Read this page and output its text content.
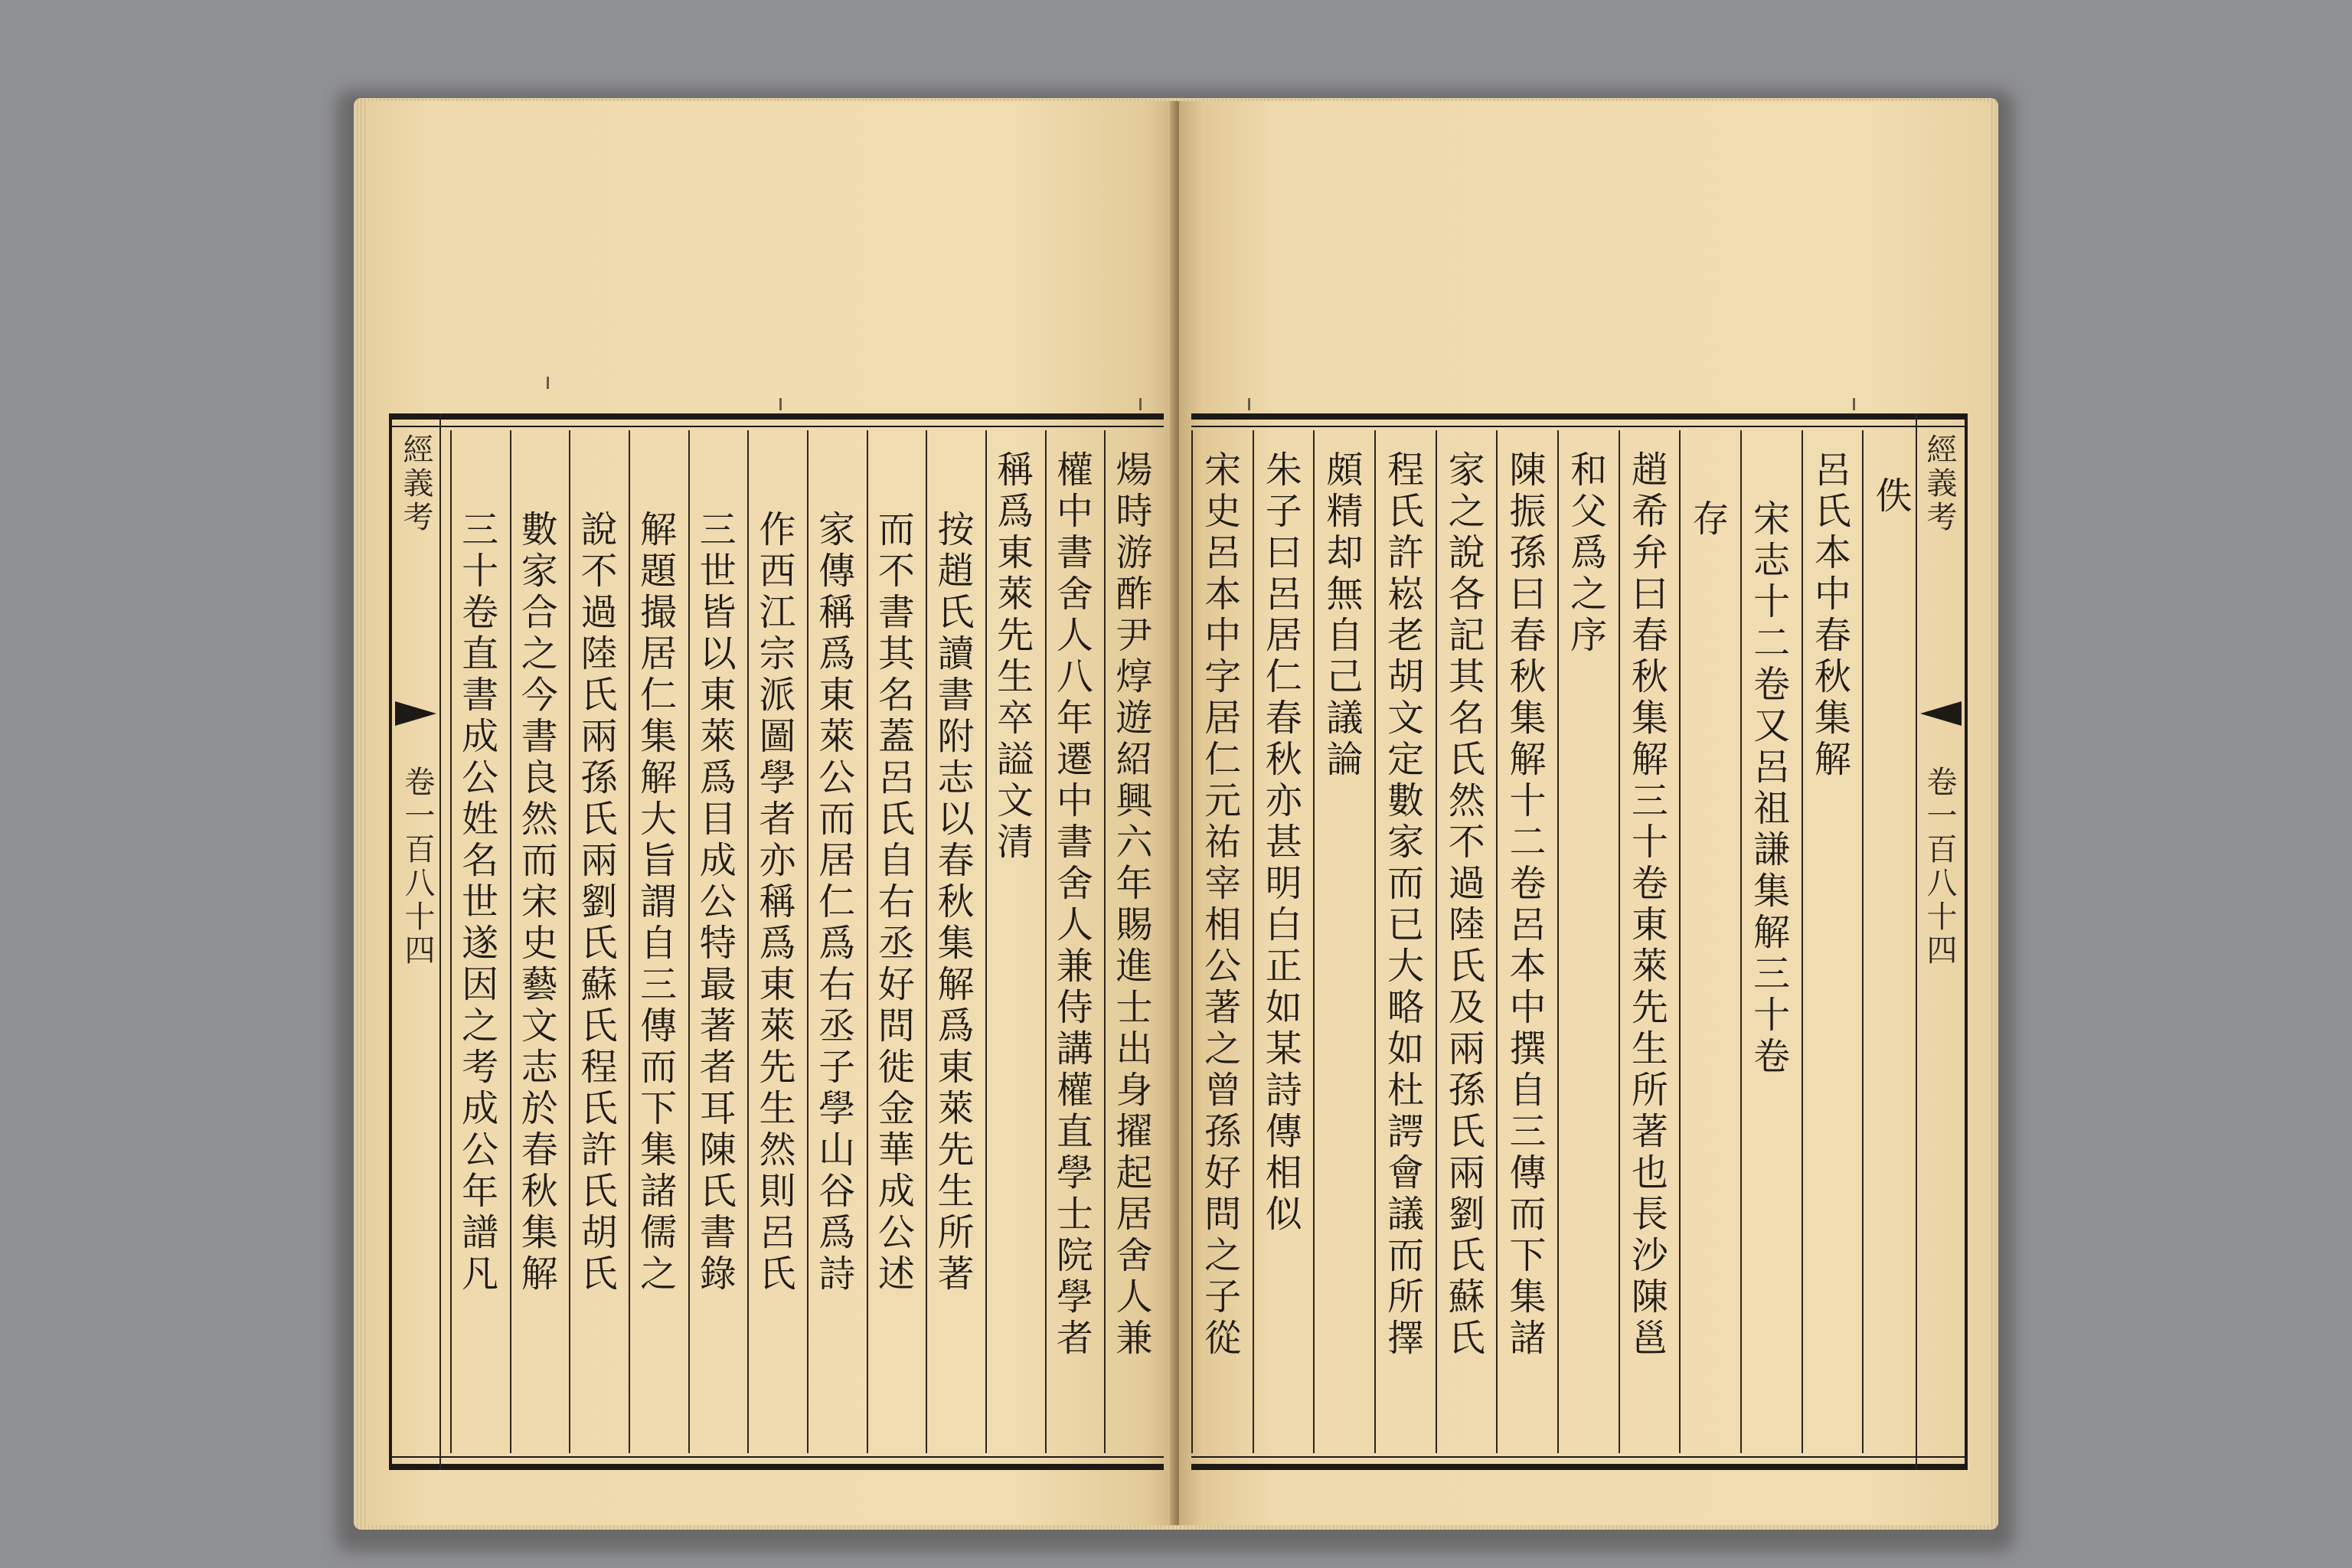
經義考
卷一百八十四	煬時游酢尹焞遊紹興六年賜進士出身擢起居舍人兼
權中書舍人八年遷中書舍人兼侍講權直學士院學者
稱爲東萊先生卒謚文清
按趙氏讀書附志以春秋集解爲東萊先生所著
而不書其名蓋呂氏自右丞好問徙金華成公述
家傳稱爲東萊公而居仁爲右丞子學山谷爲詩
作西江宗派圖學者亦稱爲東萊先生然則呂氏
三世皆以東萊爲目成公特最著者耳陳氏書錄
解題撮居仁集解大旨謂自三傳而下集諸儒之
說不過陸氏兩孫氏兩劉氏蘇氏程氏許氏胡氏
數家合之今書良然而宋史藝文志於春秋集解
三十卷直書成公姓名世遂因之考成公年譜凡
經義考
卷一百八十四
佚
呂氏本中春秋集解
宋志十二卷又呂祖謙集解三十卷
存
趙希弁曰春秋集解三十卷東萊先生所著也長沙陳邕
和父爲之序
陳振孫曰春秋集解十二卷呂本中撰自三傳而下集諸
家之說各記其名氏然不過陸氏及兩孫氏兩劉氏蘇氏
程氏許崧老胡文定數家而已大略如杜諤會議而所擇
頗精却無自己議論
朱子曰呂居仁春秋亦甚明白正如某詩傳相似
宋史呂本中字居仁元祐宰相公著之曾孫好問之子從
